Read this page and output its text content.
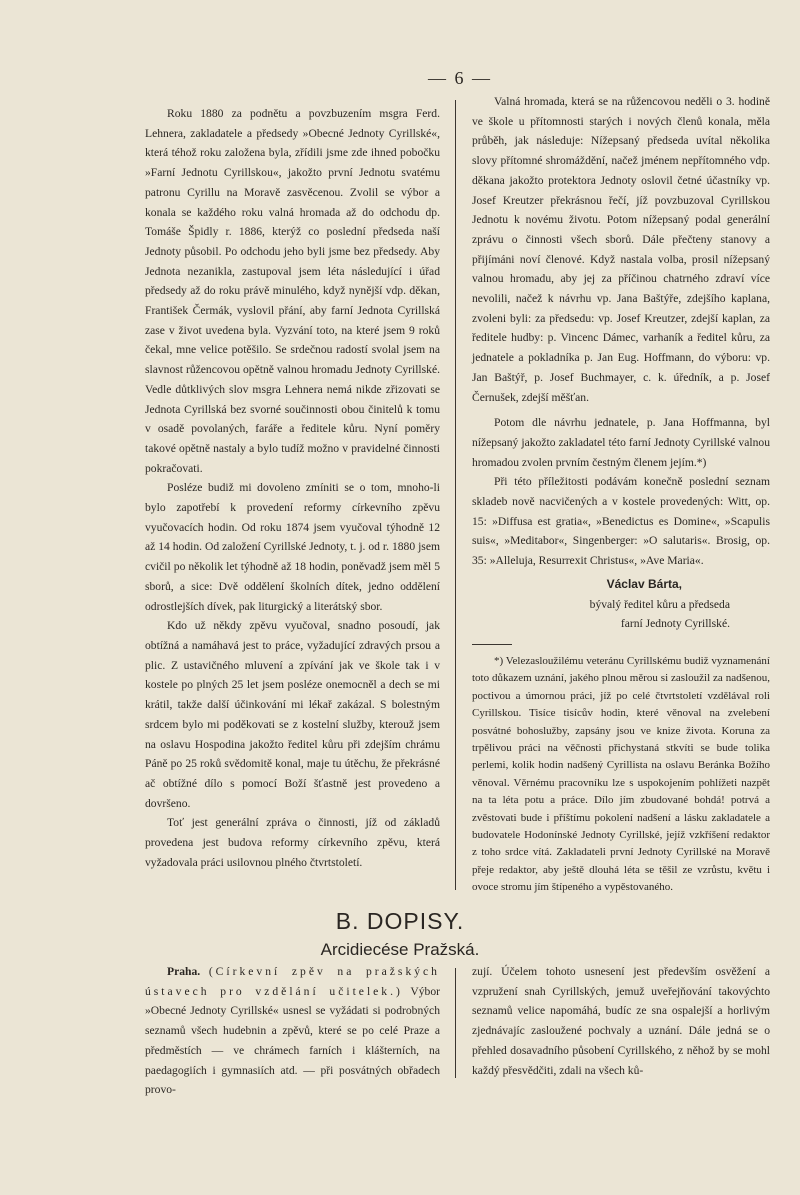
— 6 —

Roku 1880 za podnětu a povzbuzením msgra Ferd. Lehnera, zakladatele a předsedy »Obecné Jednoty Cyrillské«, která téhož roku založena byla, zřídili jsme zde ihned pobočku »Farní Jednotu Cyrillskou«, jakožto první Jednotu svatému patronu Cyrillu na Moravě zasvěcenou. Zvolil se výbor a konala se každého roku valná hromada až do odchodu dp. Tomáše Špidly r. 1886, kterýž co poslední předseda naší Jednoty působil. Po odchodu jeho byli jsme bez předsedy. Aby Jednota nezanikla, zastupoval jsem léta následující i úřad předsedy až do roku právě minulého, když nynější vdp. děkan, František Čermák, vyslovil přání, aby farní Jednota Cyrillská zase v život uvedena byla. Vyzvání toto, na které jsem 9 roků čekal, mne velice potěšilo. Se srdečnou radostí svolal jsem na slavnost růžencovou opětně valnou hromadu Jednoty Cyrillské. Vedle důtklivých slov msgra Lehnera nemá nikde zřizovati se Jednota Cyrillská bez svorné součinnosti obou činitelů k tomu v osadě povolaných, faráře a ředitele kůru. Nyní poměry takové opětně nastaly a bylo tudíž možno v pravidelné činnosti pokračovati.

Posléze budiž mi dovoleno zmíniti se o tom, mnoho-li bylo zapotřebí k provedení reformy církevního zpěvu vyučovacích hodin. Od roku 1874 jsem vyučoval týhodně 12 až 14 hodin. Od založení Cyrillské Jednoty, t. j. od r. 1880 jsem cvičil po několik let týhodně až 18 hodin, poněvadž jsem měl 5 sborů, a sice: Dvě oddělení školních dítek, jedno oddělení odrostlejších dívek, pak liturgický a literátský sbor.

Kdo už někdy zpěvu vyučoval, snadno posoudí, jak obtížná a namáhavá jest to práce, vyžadující zdravých prsou a plic. Z ustavičného mluvení a zpívání jak ve škole tak i v kostele po plných 25 let jsem posléze onemocněl a dech se mi krátil, takže další účinkování mi lékař zakázal. S bolestným srdcem bylo mi poděkovati se z kostelní služby, kterouž jsem na oslavu Hospodina jakožto ředitel kůru při zdejším chrámu Páně po 25 roků svědomitě konal, maje tu útěchu, že překrásné ač obtížné dílo s pomocí Boží šťastně jest provedeno a dovršeno.

Toť jest generální zpráva o činnosti, jíž od základů provedena jest budova reformy církevního zpěvu, která vyžadovala práci usilovnou plného čtvrtstoletí.

Valná hromada, která se na růžencovou neděli o 3. hodině ve škole u přítomnosti starých i nových členů konala, měla průběh, jak následuje: Nížepsaný předseda uvítal několika slovy přítomné shromáždění, načež jménem nepřítomného vdp. děkana jakožto protektora Jednoty oslovil četné účastníky vp. Josef Kreutzer překrásnou řečí, jíž povzbuzoval Cyrillskou Jednotu k novému životu. Potom nížepsaný podal generální zprávu o činnosti všech sborů. Dále přečteny stanovy a přijímáni noví členové. Když nastala volba, prosil nížepsaný valnou hromadu, aby jej za příčinou chatrného zdraví více nevolili, načež k návrhu vp. Jana Baštýře, zdejšího kaplana, zvoleni byli: za předsedu: vp. Josef Kreutzer, zdejší kaplan, za ředitele hudby: p. Vincenc Dámec, varhaník a ředitel kůru, za jednatele a pokladníka p. Jan Eug. Hoffmann, do výboru: vp. Jan Baštýř, p. Josef Buchmayer, c. k. úředník, a p. Josef Černušek, zdejší měšťan.

Potom dle návrhu jednatele, p. Jana Hoffmanna, byl nížepsaný jakožto zakladatel této farní Jednoty Cyrillské valnou hromadou zvolen prvním čestným členem jejím.*)

Při této příležitosti podávám konečně poslední seznam skladeb nově nacvičených a v kostele provedených: Witt, op. 15: »Diffusa est gratia«, »Benedictus es Domine«, »Scapulis suis«, »Meditabor«, Singenberger: »O salutaris«. Brosig, op. 35: »Alleluja, Resurrexit Christus«, »Ave Maria«.

Václav Bárta,
bývalý ředitel kůru a předseda
farní Jednoty Cyrillské.

*) Velezasloužilému veteránu Cyrillskému budiž vyznamenání toto důkazem uznání, jakého plnou měrou si zasloužil za nadšenou, poctivou a úmornou práci, jíž po celé čtvrtstoletí vzdělával roli Cyrillskou. Tisíce tisícův hodin, které věnoval na zvelebení posvátné bohoslužby, zapsány jsou ve knize života. Koruna za trpělivou práci na věčnosti přichystaná stkvíti se bude tolika perlemi, kolik hodin nadšený Cyrillista na oslavu Beránka Božího věnoval. Věrnému pracovníku lze s uspokojením pohlížeti nazpět na ta léta potu a práce. Dílo jím zbudované bohdá! potrvá a zvěstovati bude i příštímu pokolení nadšení a lásku zakladatele a budovatele Hodonínské Jednoty Cyrillské, jejíž vzkříšení redaktor z toho srdce vítá. Zakladateli první Jednoty Cyrillské na Moravě přeje redaktor, aby ještě dlouhá léta se těšil ze vzrůstu, květu i ovoce stromu jím štípeného a vypěstovaného.

B. DOPISY.
Arcidiecése Pražská.

Praha. (Církevní zpěv na pražských ústavech pro vzdělání učitelek.) Výbor »Obecné Jednoty Cyrillské« usnesl se vyžádati si podrobných seznamů všech hudebnin a zpěvů, které se po celé Praze a předměstích — ve chrámech farních i klášterních, na paedagogiích i gymnasiích atd. — při posvátných obřadech provo-

zují. Účelem tohoto usnesení jest především osvěžení a vzpružení snah Cyrillských, jemuž uveřejňování takovýchto seznamů velice napomáhá, budíc ze sna ospalejší a horlivým zjednávajíc zasloužené pochvaly a uznání. Dále jedná se o přehled dosavadního působení Cyrillského, z něhož by se mohl každý přesvědčiti, zdali na všech ků-
